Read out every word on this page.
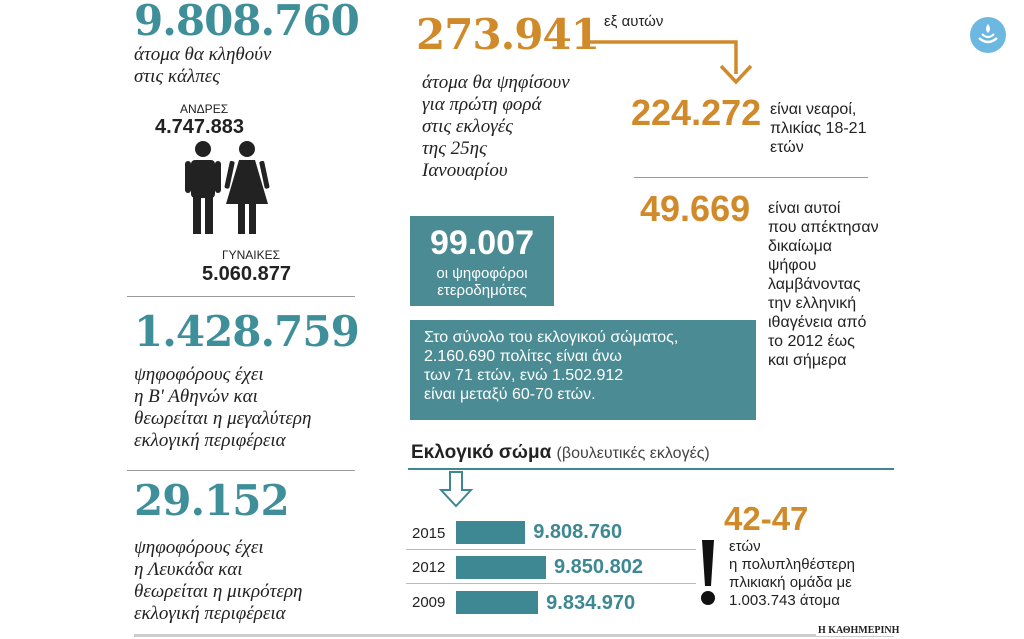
9.808.760
άτομα θα κληθούν
στις κάλπες
ΑΝΔΡΕΣ
4.747.883
ΓΥΝΑΙΚΕΣ
5.060.877
1.428.759
ψηφοφόρους έχει
η Β' Αθηνών και
θεωρείται η μεγαλύτερη
εκλογική περιφέρεια
29.152
ψηφοφόρους έχει
η Λευκάδα και
θεωρείται η μικρότερη
εκλογική περιφέρεια
273.941 εξ αυτών
άτομα θα ψηφίσουν
για πρώτη φορά
στις εκλογές
της 25ης
Ιανουαρίου
99.007
οι ψηφοφόροι
ετεροδημότες
Στο σύνολο του εκλογικού σώματος,
2.160.690 πολίτες είναι άνω
των 71 ετών, ενώ 1.502.912
είναι μεταξύ 60-70 ετών.
Εκλογικό σώμα (βουλευτικές εκλογές)
2015
2012
2009
9.808.760
9.850.802
9.834.970
224.272 είναι νεαροί,
πλικίας 18-21
ετών
49.669 είναι αυτοί
που απέκτησαν
δικαίωμα
ψήφου
λαμβάνοντας
την ελληνική
ιθαγένεια από
το 2012 έως
και σήμερα
42-47
ετών
η πολυπληθέστερη
πλικιακή ομάδα με
1.003.743 άτομα
Η ΚΑΘΗΜΕΡΙΝΗ
